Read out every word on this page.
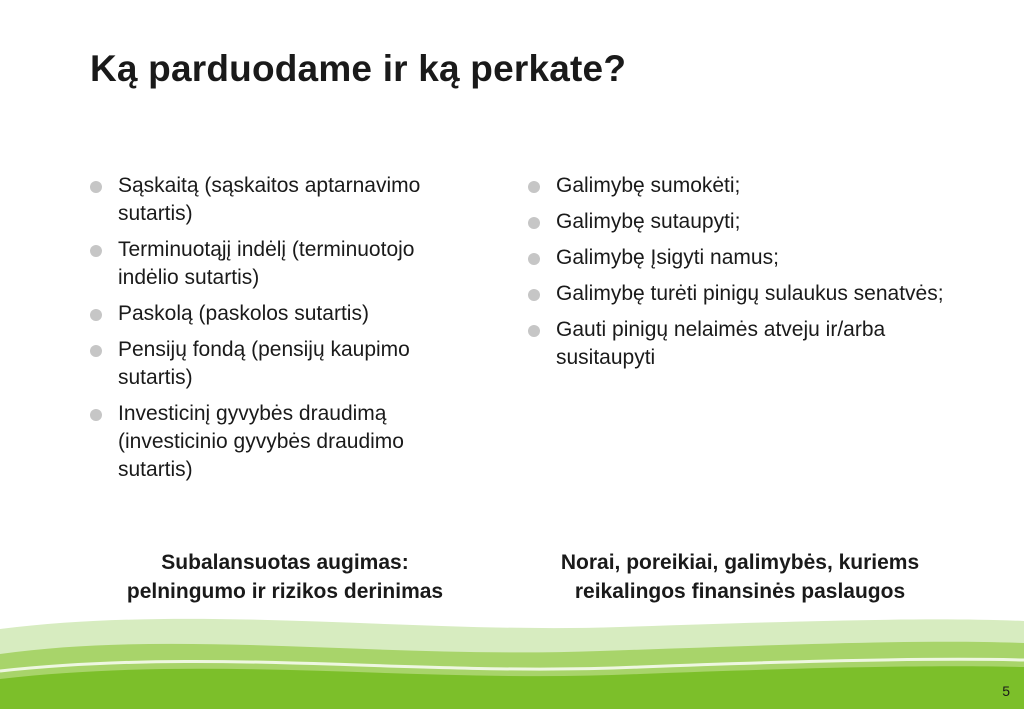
Ką parduodame ir ką perkate?
Sąskaitą (sąskaitos aptarnavimo sutartis)
Terminuotąjį indėlį (terminuotojo indėlio sutartis)
Paskolą (paskolos sutartis)
Pensijų fondą (pensijų kaupimo sutartis)
Investicinį gyvybės draudimą (investicinio gyvybės draudimo sutartis)
Galimybę sumokėti;
Galimybę sutaupyti;
Galimybę Įsigyti namus;
Galimybę turėti pinigų sulaukus senatvės;
Gauti pinigų nelaimės atveju ir/arba susitaupyti
Subalansuotas augimas:
pelningumo ir rizikos derinimas
Norai, poreikiai, galimybės, kuriems
reikalingos finansinės paslaugos
5
